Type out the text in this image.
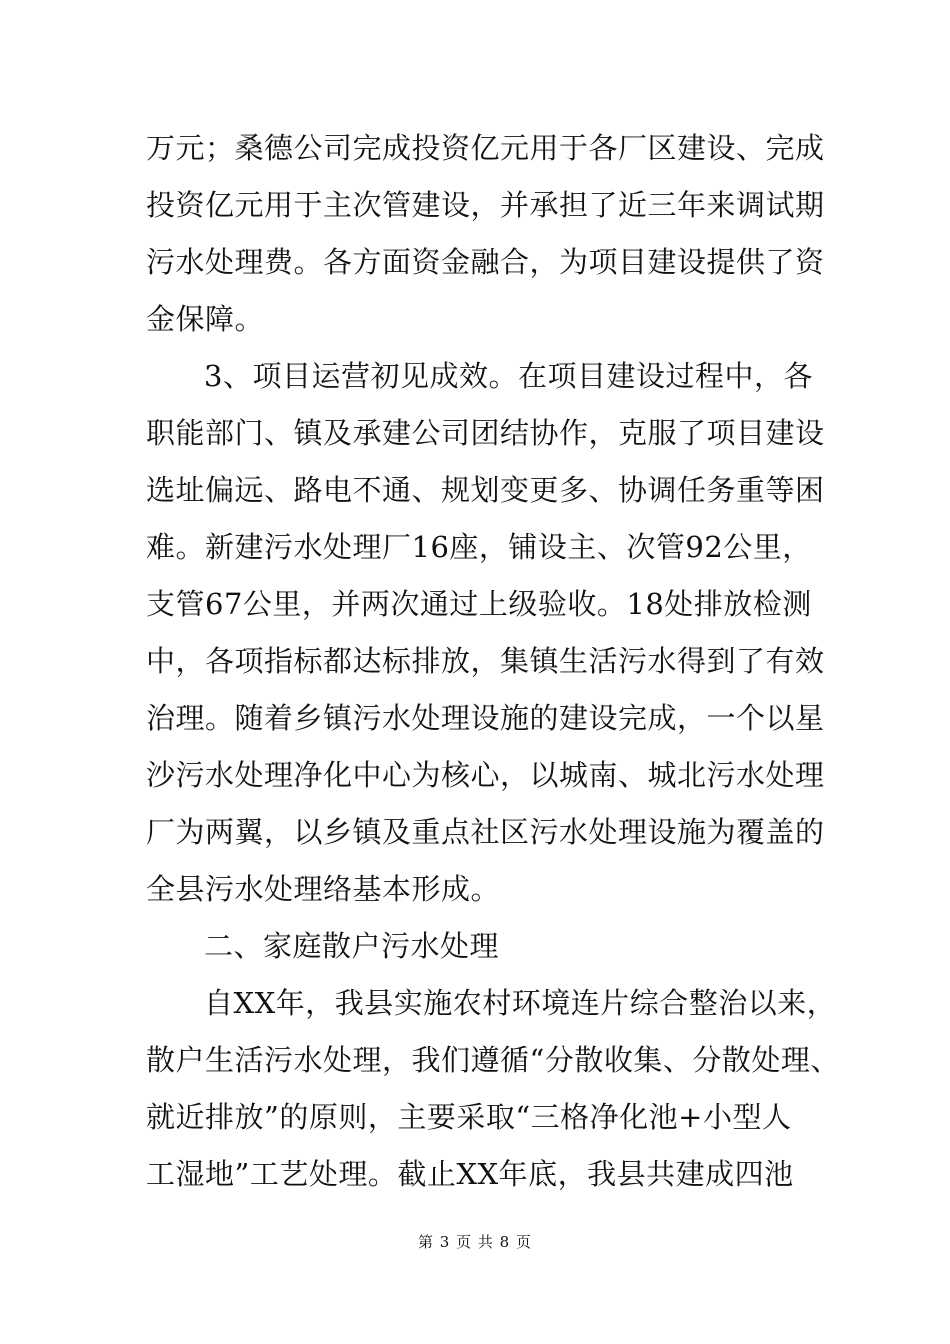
万元；桑德公司完成投资亿元用于各厂区建设、完成
投资亿元用于主次管建设，并承担了近三年来调试期
污水处理费。各方面资金融合，为项目建设提供了资
金保障。
3、项目运营初见成效。在项目建设过程中，各
职能部门、镇及承建公司团结协作，克服了项目建设
选址偏远、路电不通、规划变更多、协调任务重等困
难。新建污水处理厂16座，铺设主、次管92公里，
支管67公里，并两次通过上级验收。18处排放检测
中，各项指标都达标排放，集镇生活污水得到了有效
治理。随着乡镇污水处理设施的建设完成，一个以星
沙污水处理净化中心为核心，以城南、城北污水处理
厂为两翼，以乡镇及重点社区污水处理设施为覆盖的
全县污水处理络基本形成。
二、家庭散户污水处理
自XX年，我县实施农村环境连片综合整治以来，
散户生活污水处理，我们遵循“分散收集、分散处理、
就近排放”的原则，主要采取“三格净化池+小型人
工湿地”工艺处理。截止XX年底，我县共建成四池
第 3 页 共 8 页
